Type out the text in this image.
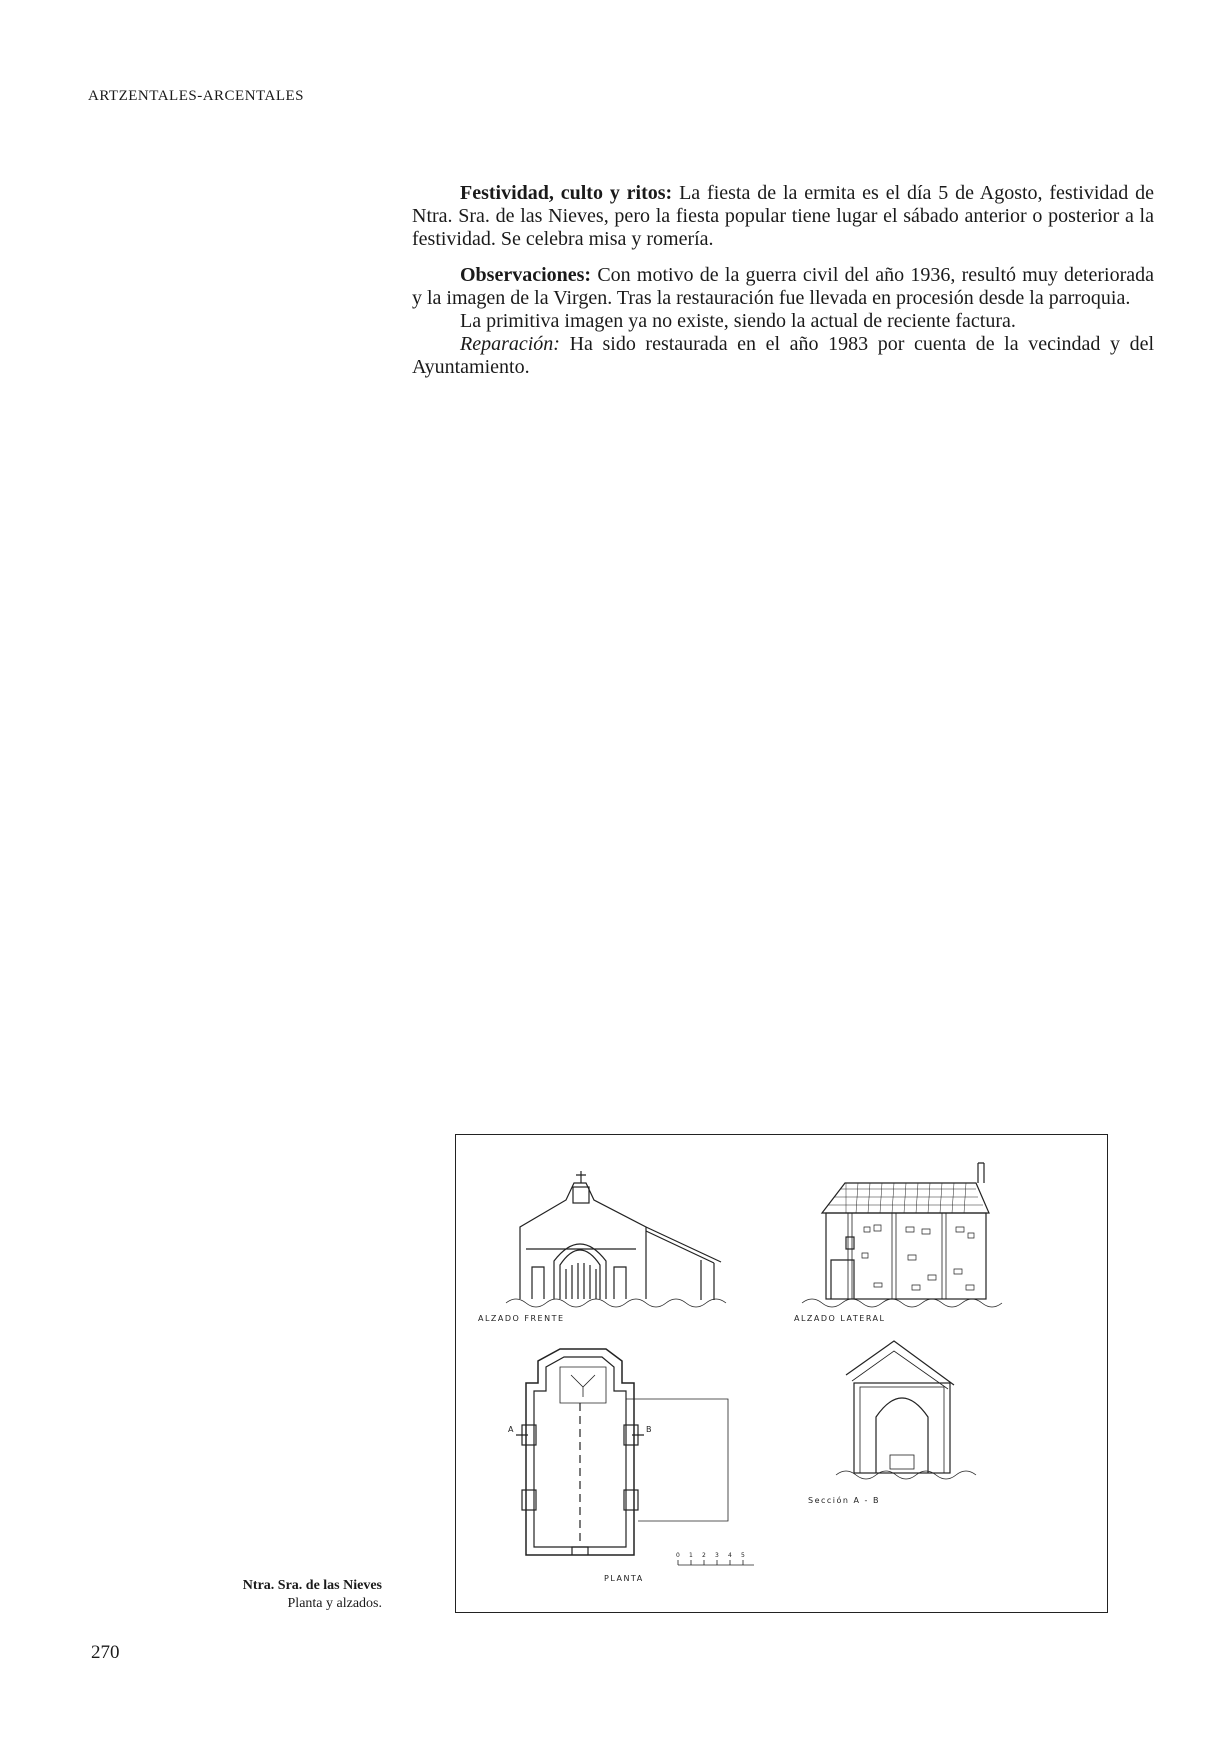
ARTZENTALES-ARCENTALES

Festividad, culto y ritos: La fiesta de la ermita es el día 5 de Agosto, festividad de Ntra. Sra. de las Nieves, pero la fiesta popular tiene lugar el sábado anterior o posterior a la festividad. Se celebra misa y romería.

Observaciones: Con motivo de la guerra civil del año 1936, resultó muy deteriorada y la imagen de la Virgen. Tras la restauración fue llevada en procesión desde la parroquia.

La primitiva imagen ya no existe, siendo la actual de reciente factura.

Reparación: Ha sido restaurada en el año 1983 por cuenta de la vecindad y del Ayuntamiento.

ALZADO FRENTE	ALZADO LATERAL
A	B
PLANTA
0 1 2 3 4 5
Sección A - B
Ntra. Sra. de las Nieves
Planta y alzados.
270
